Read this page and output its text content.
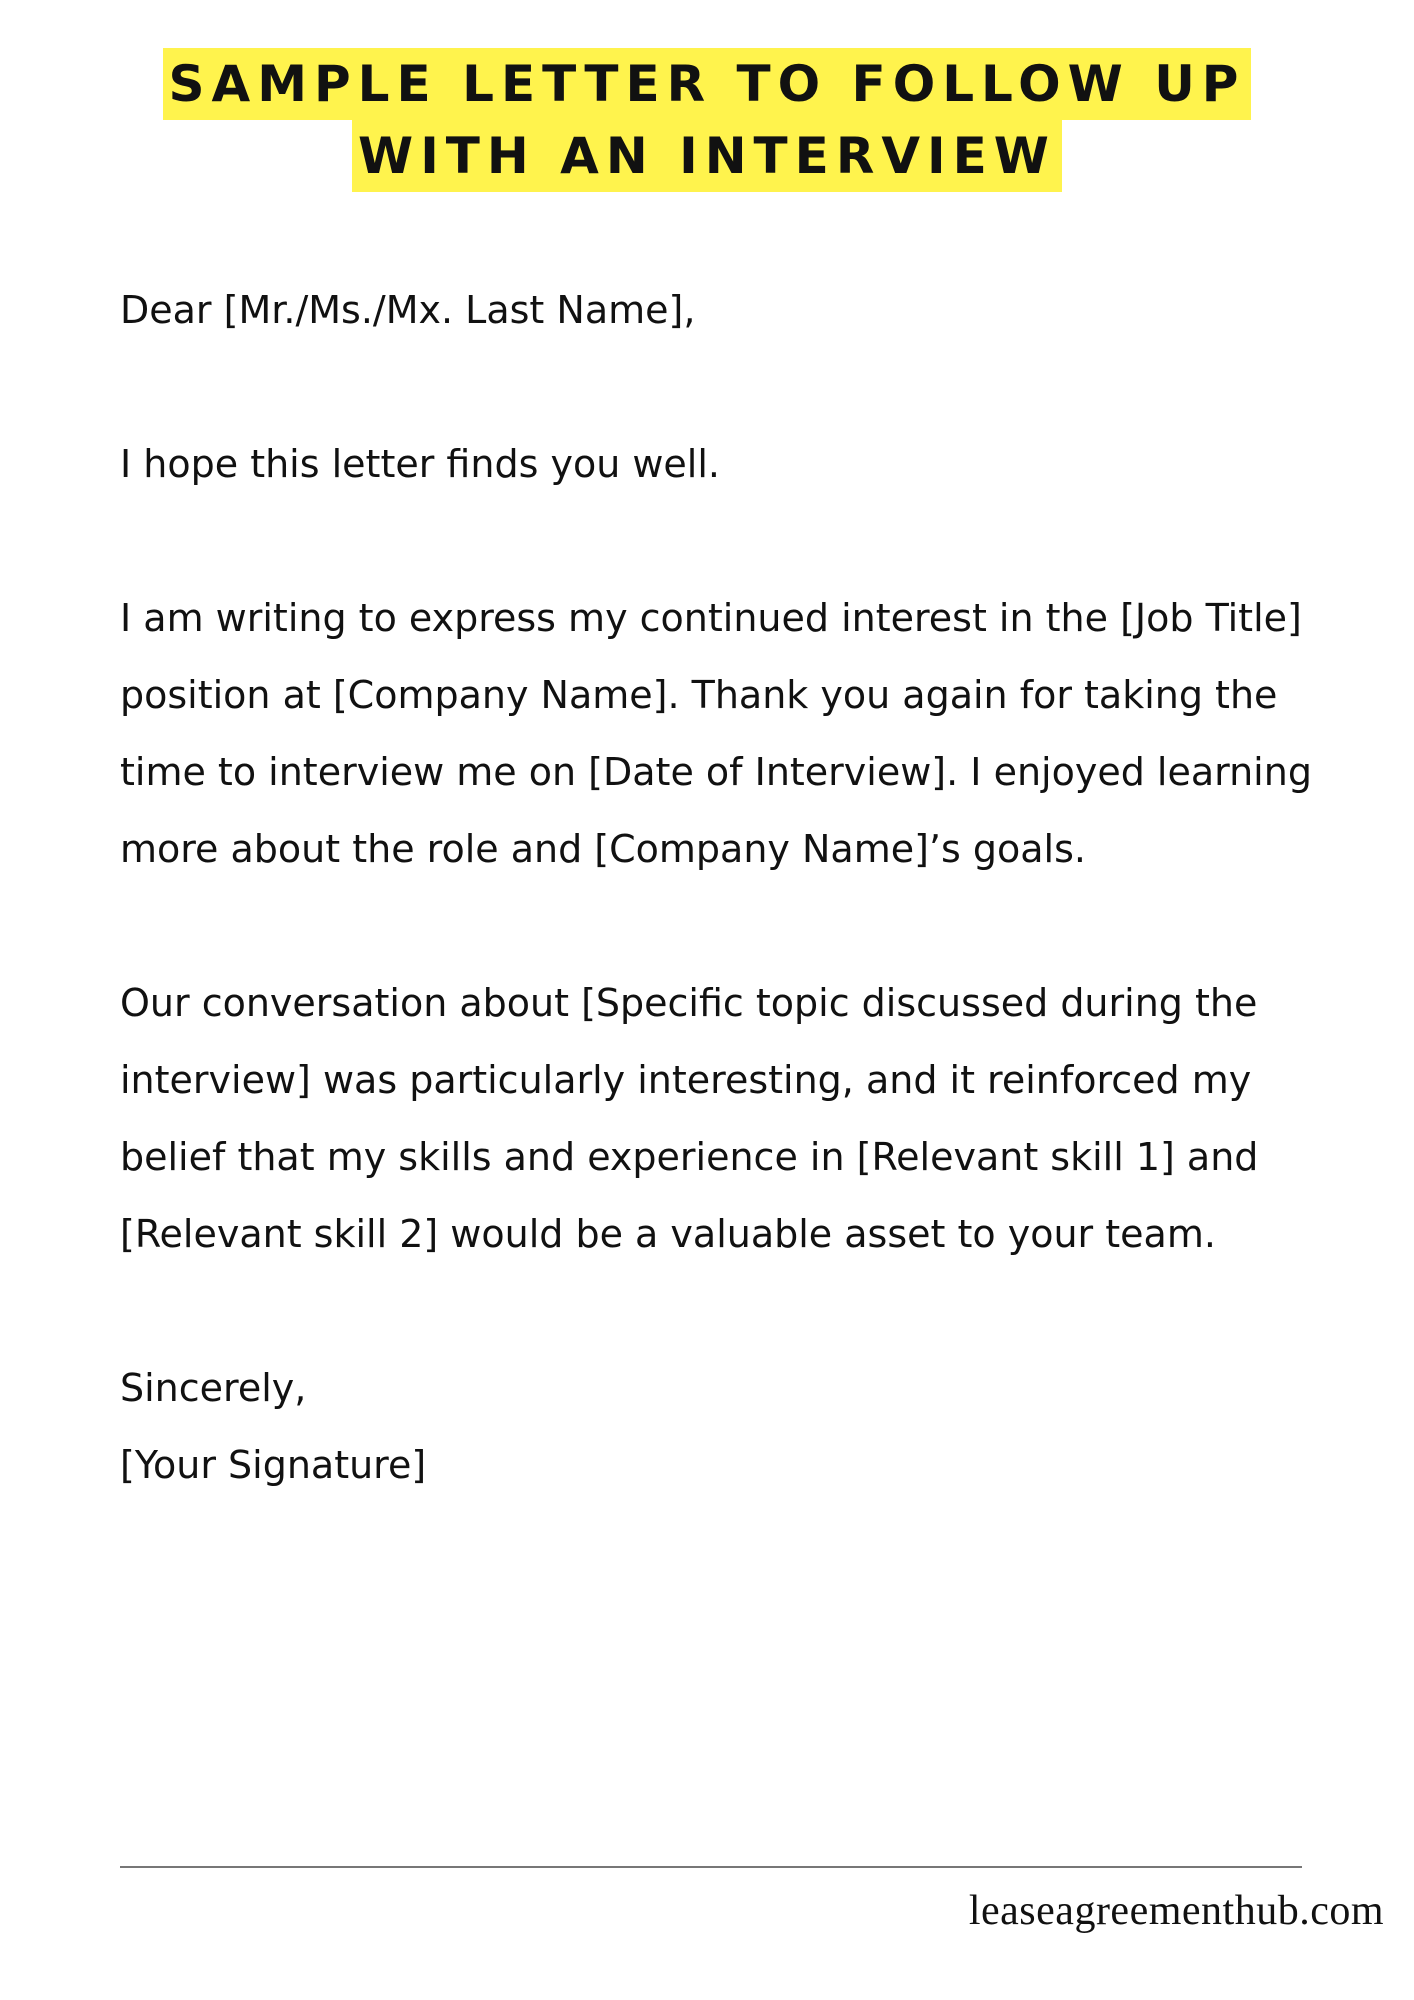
SAMPLE LETTER TO FOLLOW UP
WITH AN INTERVIEW

Dear [Mr./Ms./Mx. Last Name],

I hope this letter finds you well.

I am writing to express my continued interest in the [Job Title] position at [Company Name]. Thank you again for taking the time to interview me on [Date of Interview]. I enjoyed learning more about the role and [Company Name]’s goals.

Our conversation about [Specific topic discussed during the interview] was particularly interesting, and it reinforced my belief that my skills and experience in [Relevant skill 1] and [Relevant skill 2] would be a valuable asset to your team.

Sincerely,

[Your Signature]

leaseagreementhub.com
